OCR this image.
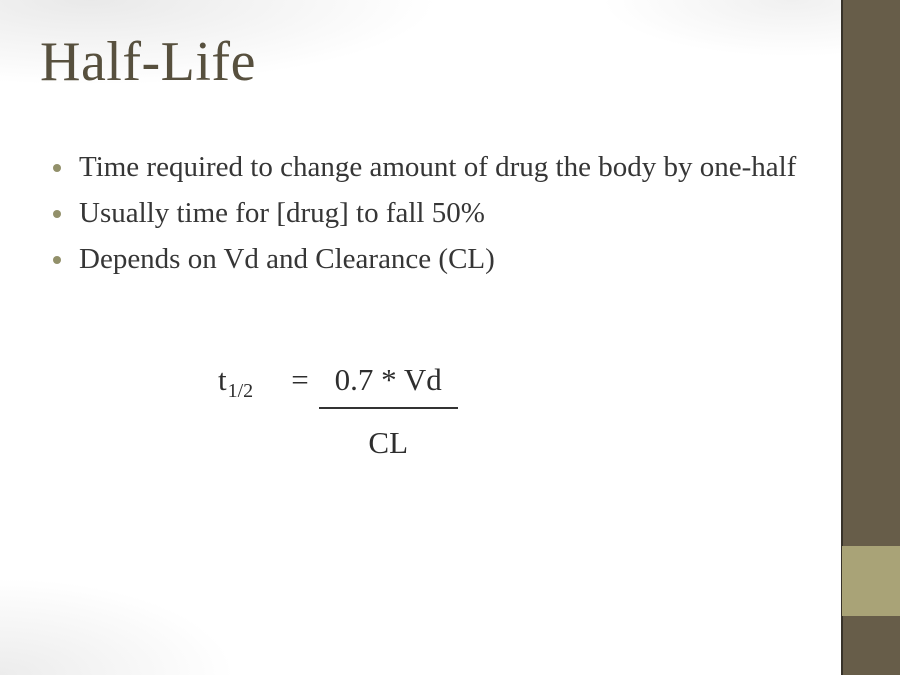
Half-Life
Time required to change amount of drug the body by one-half
Usually time for [drug] to fall 50%
Depends on Vd and Clearance (CL)
$t_{1/2} = \frac{0.7 * Vd}{CL}$
